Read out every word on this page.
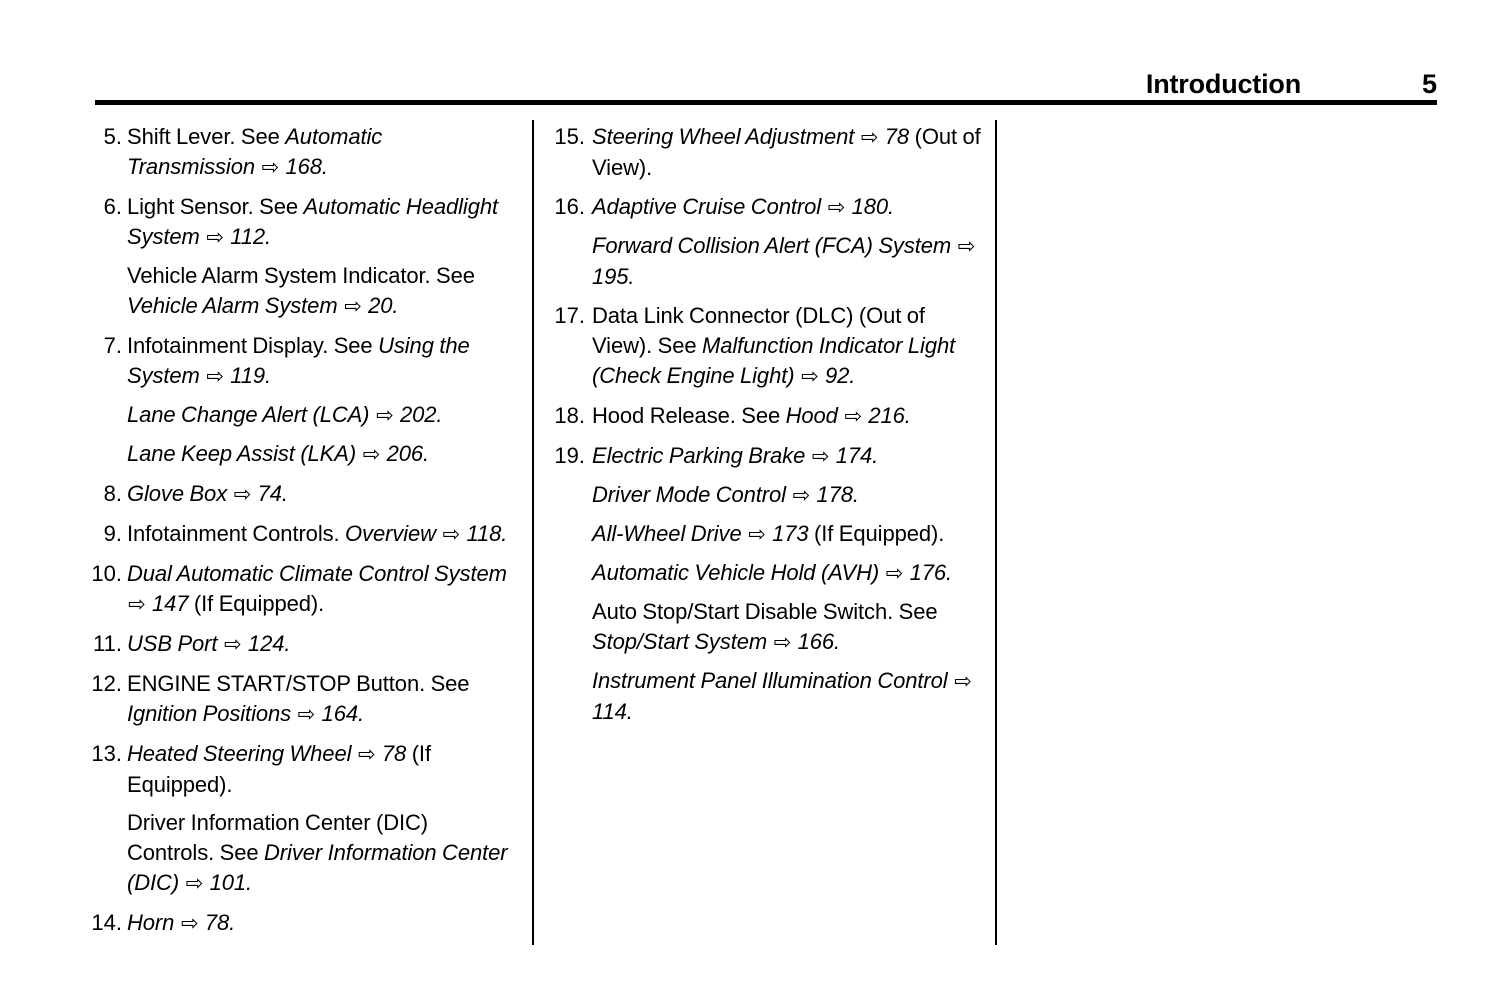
Introduction	5
5. Shift Lever. See Automatic Transmission ⇨ 168.

6. Light Sensor. See Automatic Headlight System ⇨ 112.

Vehicle Alarm System Indicator. See Vehicle Alarm System ⇨ 20.

7. Infotainment Display. See Using the System ⇨ 119.

Lane Change Alert (LCA) ⇨ 202.

Lane Keep Assist (LKA) ⇨ 206.

8. Glove Box ⇨ 74.

9. Infotainment Controls. Overview ⇨ 118.

10. Dual Automatic Climate Control System ⇨ 147 (If Equipped).

11. USB Port ⇨ 124.

12. ENGINE START/STOP Button. See Ignition Positions ⇨ 164.

13. Heated Steering Wheel ⇨ 78 (If Equipped).

Driver Information Center (DIC) Controls. See Driver Information Center (DIC) ⇨ 101.

14. Horn ⇨ 78.

15. Steering Wheel Adjustment ⇨ 78 (Out of View).

16. Adaptive Cruise Control ⇨ 180.

Forward Collision Alert (FCA) System ⇨ 195.

17. Data Link Connector (DLC) (Out of View). See Malfunction Indicator Light (Check Engine Light) ⇨ 92.

18. Hood Release. See Hood ⇨ 216.

19. Electric Parking Brake ⇨ 174.

Driver Mode Control ⇨ 178.

All-Wheel Drive ⇨ 173 (If Equipped).

Automatic Vehicle Hold (AVH) ⇨ 176.

Auto Stop/Start Disable Switch. See Stop/Start System ⇨ 166.

Instrument Panel Illumination Control ⇨ 114.
